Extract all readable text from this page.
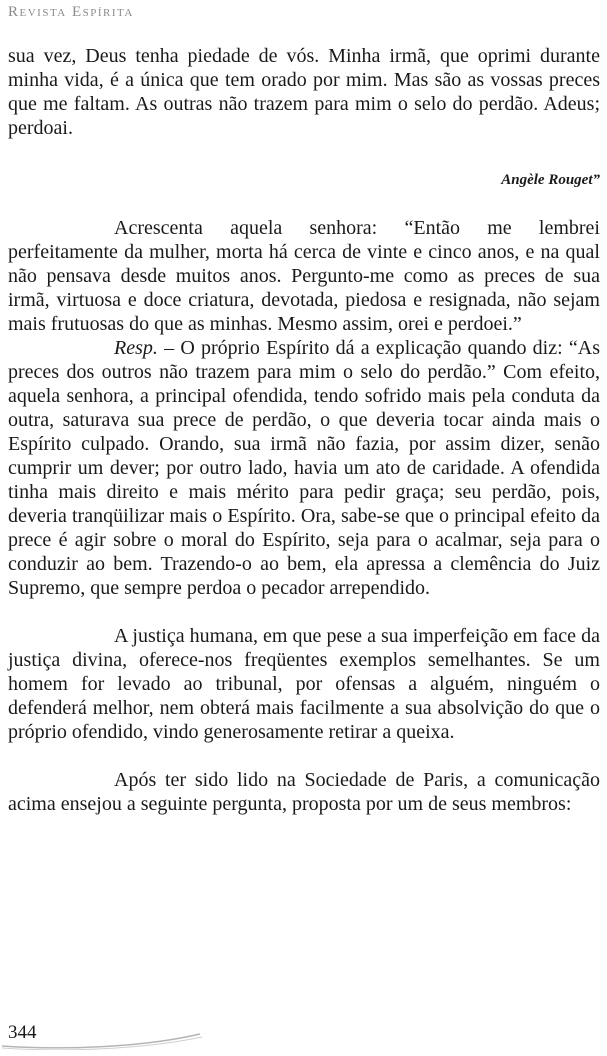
Revista Espírita

sua vez, Deus tenha piedade de vós. Minha irmã, que oprimi durante minha vida, é a única que tem orado por mim. Mas são as vossas preces que me faltam. As outras não trazem para mim o selo do perdão. Adeus; perdoai.

Angèle Rouget”

Acrescenta aquela senhora: “Então me lembrei perfeitamente da mulher, morta há cerca de vinte e cinco anos, e na qual não pensava desde muitos anos. Pergunto-me como as preces de sua irmã, virtuosa e doce criatura, devotada, piedosa e resignada, não sejam mais frutuosas do que as minhas. Mesmo assim, orei e perdoei.”

Resp. – O próprio Espírito dá a explicação quando diz: “As preces dos outros não trazem para mim o selo do perdão.” Com efeito, aquela senhora, a principal ofendida, tendo sofrido mais pela conduta da outra, saturava sua prece de perdão, o que deveria tocar ainda mais o Espírito culpado. Orando, sua irmã não fazia, por assim dizer, senão cumprir um dever; por outro lado, havia um ato de caridade. A ofendida tinha mais direito e mais mérito para pedir graça; seu perdão, pois, deveria tranqüilizar mais o Espírito. Ora, sabe-se que o principal efeito da prece é agir sobre o moral do Espírito, seja para o acalmar, seja para o conduzir ao bem. Trazendo-o ao bem, ela apressa a clemência do Juiz Supremo, que sempre perdoa o pecador arrependido.

A justiça humana, em que pese a sua imperfeição em face da justiça divina, oferece-nos freqüentes exemplos semelhantes. Se um homem for levado ao tribunal, por ofensas a alguém, ninguém o defenderá melhor, nem obterá mais facilmente a sua absolvição do que o próprio ofendido, vindo generosamente retirar a queixa.

Após ter sido lido na Sociedade de Paris, a comunicação acima ensejou a seguinte pergunta, proposta por um de seus membros:

344
